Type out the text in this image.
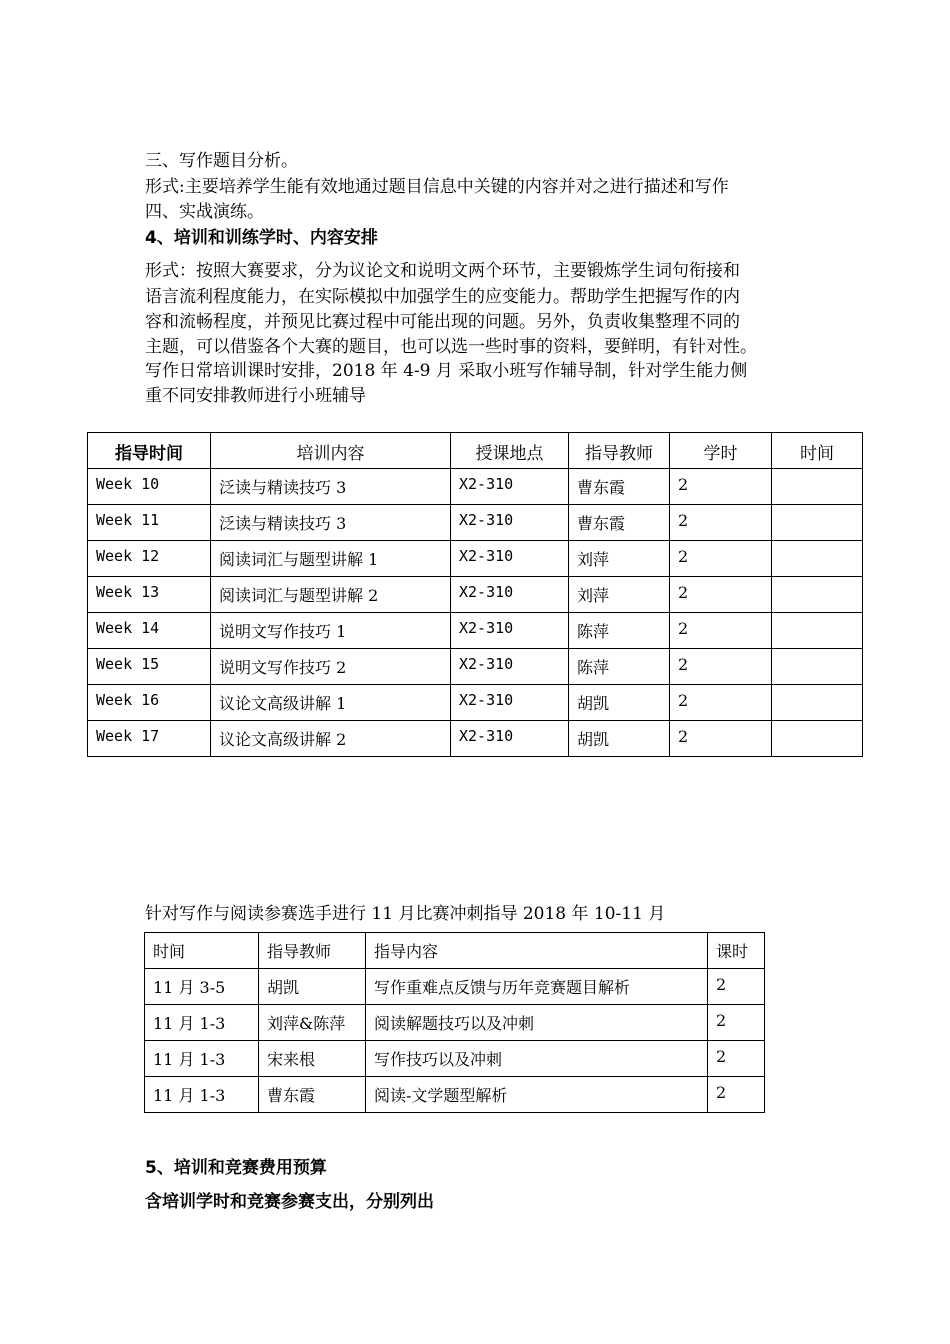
三、写作题目分析。
形式:主要培养学生能有效地通过题目信息中关键的内容并对之进行描述和写作
四、实战演练。
4、培训和训练学时、内容安排
形式：按照大赛要求，分为议论文和说明文两个环节，主要锻炼学生词句衔接和
语言流利程度能力，在实际模拟中加强学生的应变能力。帮助学生把握写作的内
容和流畅程度，并预见比赛过程中可能出现的问题。另外，负责收集整理不同的
主题，可以借鉴各个大赛的题目，也可以选一些时事的资料，要鲜明，有针对性。
写作日常培训课时安排，2018 年 4-9 月 采取小班写作辅导制，针对学生能力侧
重不同安排教师进行小班辅导
指导时间	培训内容	授课地点	指导教师	学时	时间
Week 10	泛读与精读技巧 3	X2-310	曹东霞	2	
Week 11	泛读与精读技巧 3	X2-310	曹东霞	2	
Week 12	阅读词汇与题型讲解 1	X2-310	刘萍	2	
Week 13	阅读词汇与题型讲解 2	X2-310	刘萍	2	
Week 14	说明文写作技巧 1	X2-310	陈萍	2	
Week 15	说明文写作技巧 2	X2-310	陈萍	2	
Week 16	议论文高级讲解 1	X2-310	胡凯	2	
Week 17	议论文高级讲解 2	X2-310	胡凯	2	
针对写作与阅读参赛选手进行 11 月比赛冲刺指导 2018 年 10-11 月
时间	指导教师	指导内容	课时
11 月 3-5	胡凯	写作重难点反馈与历年竞赛题目解析	2
11 月 1-3	刘萍&陈萍	阅读解题技巧以及冲刺	2
11 月 1-3	宋来根	写作技巧以及冲刺	2
11 月 1-3	曹东霞	阅读-文学题型解析	2
5、培训和竞赛费用预算
含培训学时和竞赛参赛支出，分别列出
